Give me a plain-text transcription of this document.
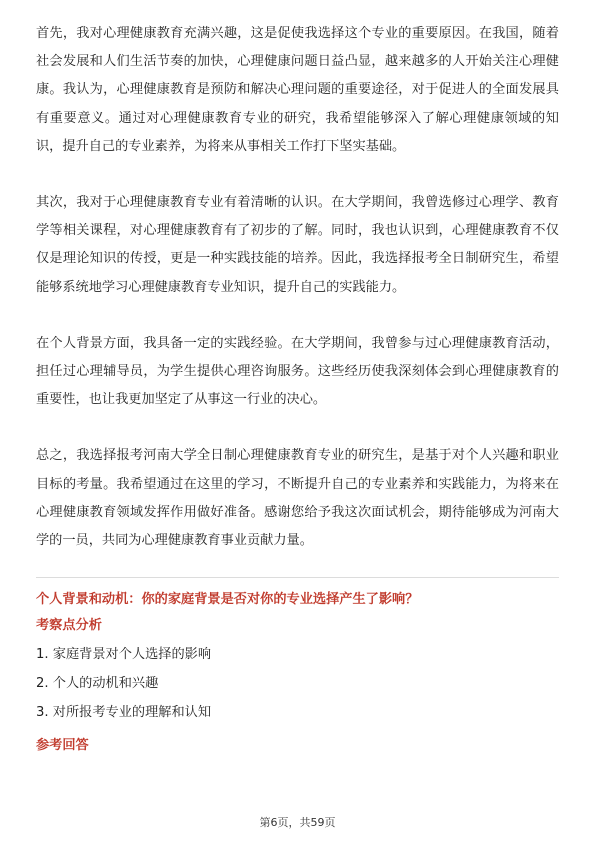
首先，我对心理健康教育充满兴趣，这是促使我选择这个专业的重要原因。在我国，随着社会发展和人们生活节奏的加快，心理健康问题日益凸显，越来越多的人开始关注心理健康。我认为，心理健康教育是预防和解决心理问题的重要途径，对于促进人的全面发展具有重要意义。通过对心理健康教育专业的研究，我希望能够深入了解心理健康领域的知识，提升自己的专业素养，为将来从事相关工作打下坚实基础。

其次，我对于心理健康教育专业有着清晰的认识。在大学期间，我曾选修过心理学、教育学等相关课程，对心理健康教育有了初步的了解。同时，我也认识到，心理健康教育不仅仅是理论知识的传授，更是一种实践技能的培养。因此，我选择报考全日制研究生，希望能够系统地学习心理健康教育专业知识，提升自己的实践能力。

在个人背景方面，我具备一定的实践经验。在大学期间，我曾参与过心理健康教育活动，担任过心理辅导员，为学生提供心理咨询服务。这些经历使我深刻体会到心理健康教育的重要性，也让我更加坚定了从事这一行业的决心。

总之，我选择报考河南大学全日制心理健康教育专业的研究生，是基于对个人兴趣和职业目标的考量。我希望通过在这里的学习，不断提升自己的专业素养和实践能力，为将来在心理健康教育领域发挥作用做好准备。感谢您给予我这次面试机会，期待能够成为河南大学的一员，共同为心理健康教育事业贡献力量。

个人背景和动机：你的家庭背景是否对你的专业选择产生了影响？
考察点分析
1. 家庭背景对个人选择的影响
2. 个人的动机和兴趣
3. 对所报考专业的理解和认知
参考回答
第6页，共59页
